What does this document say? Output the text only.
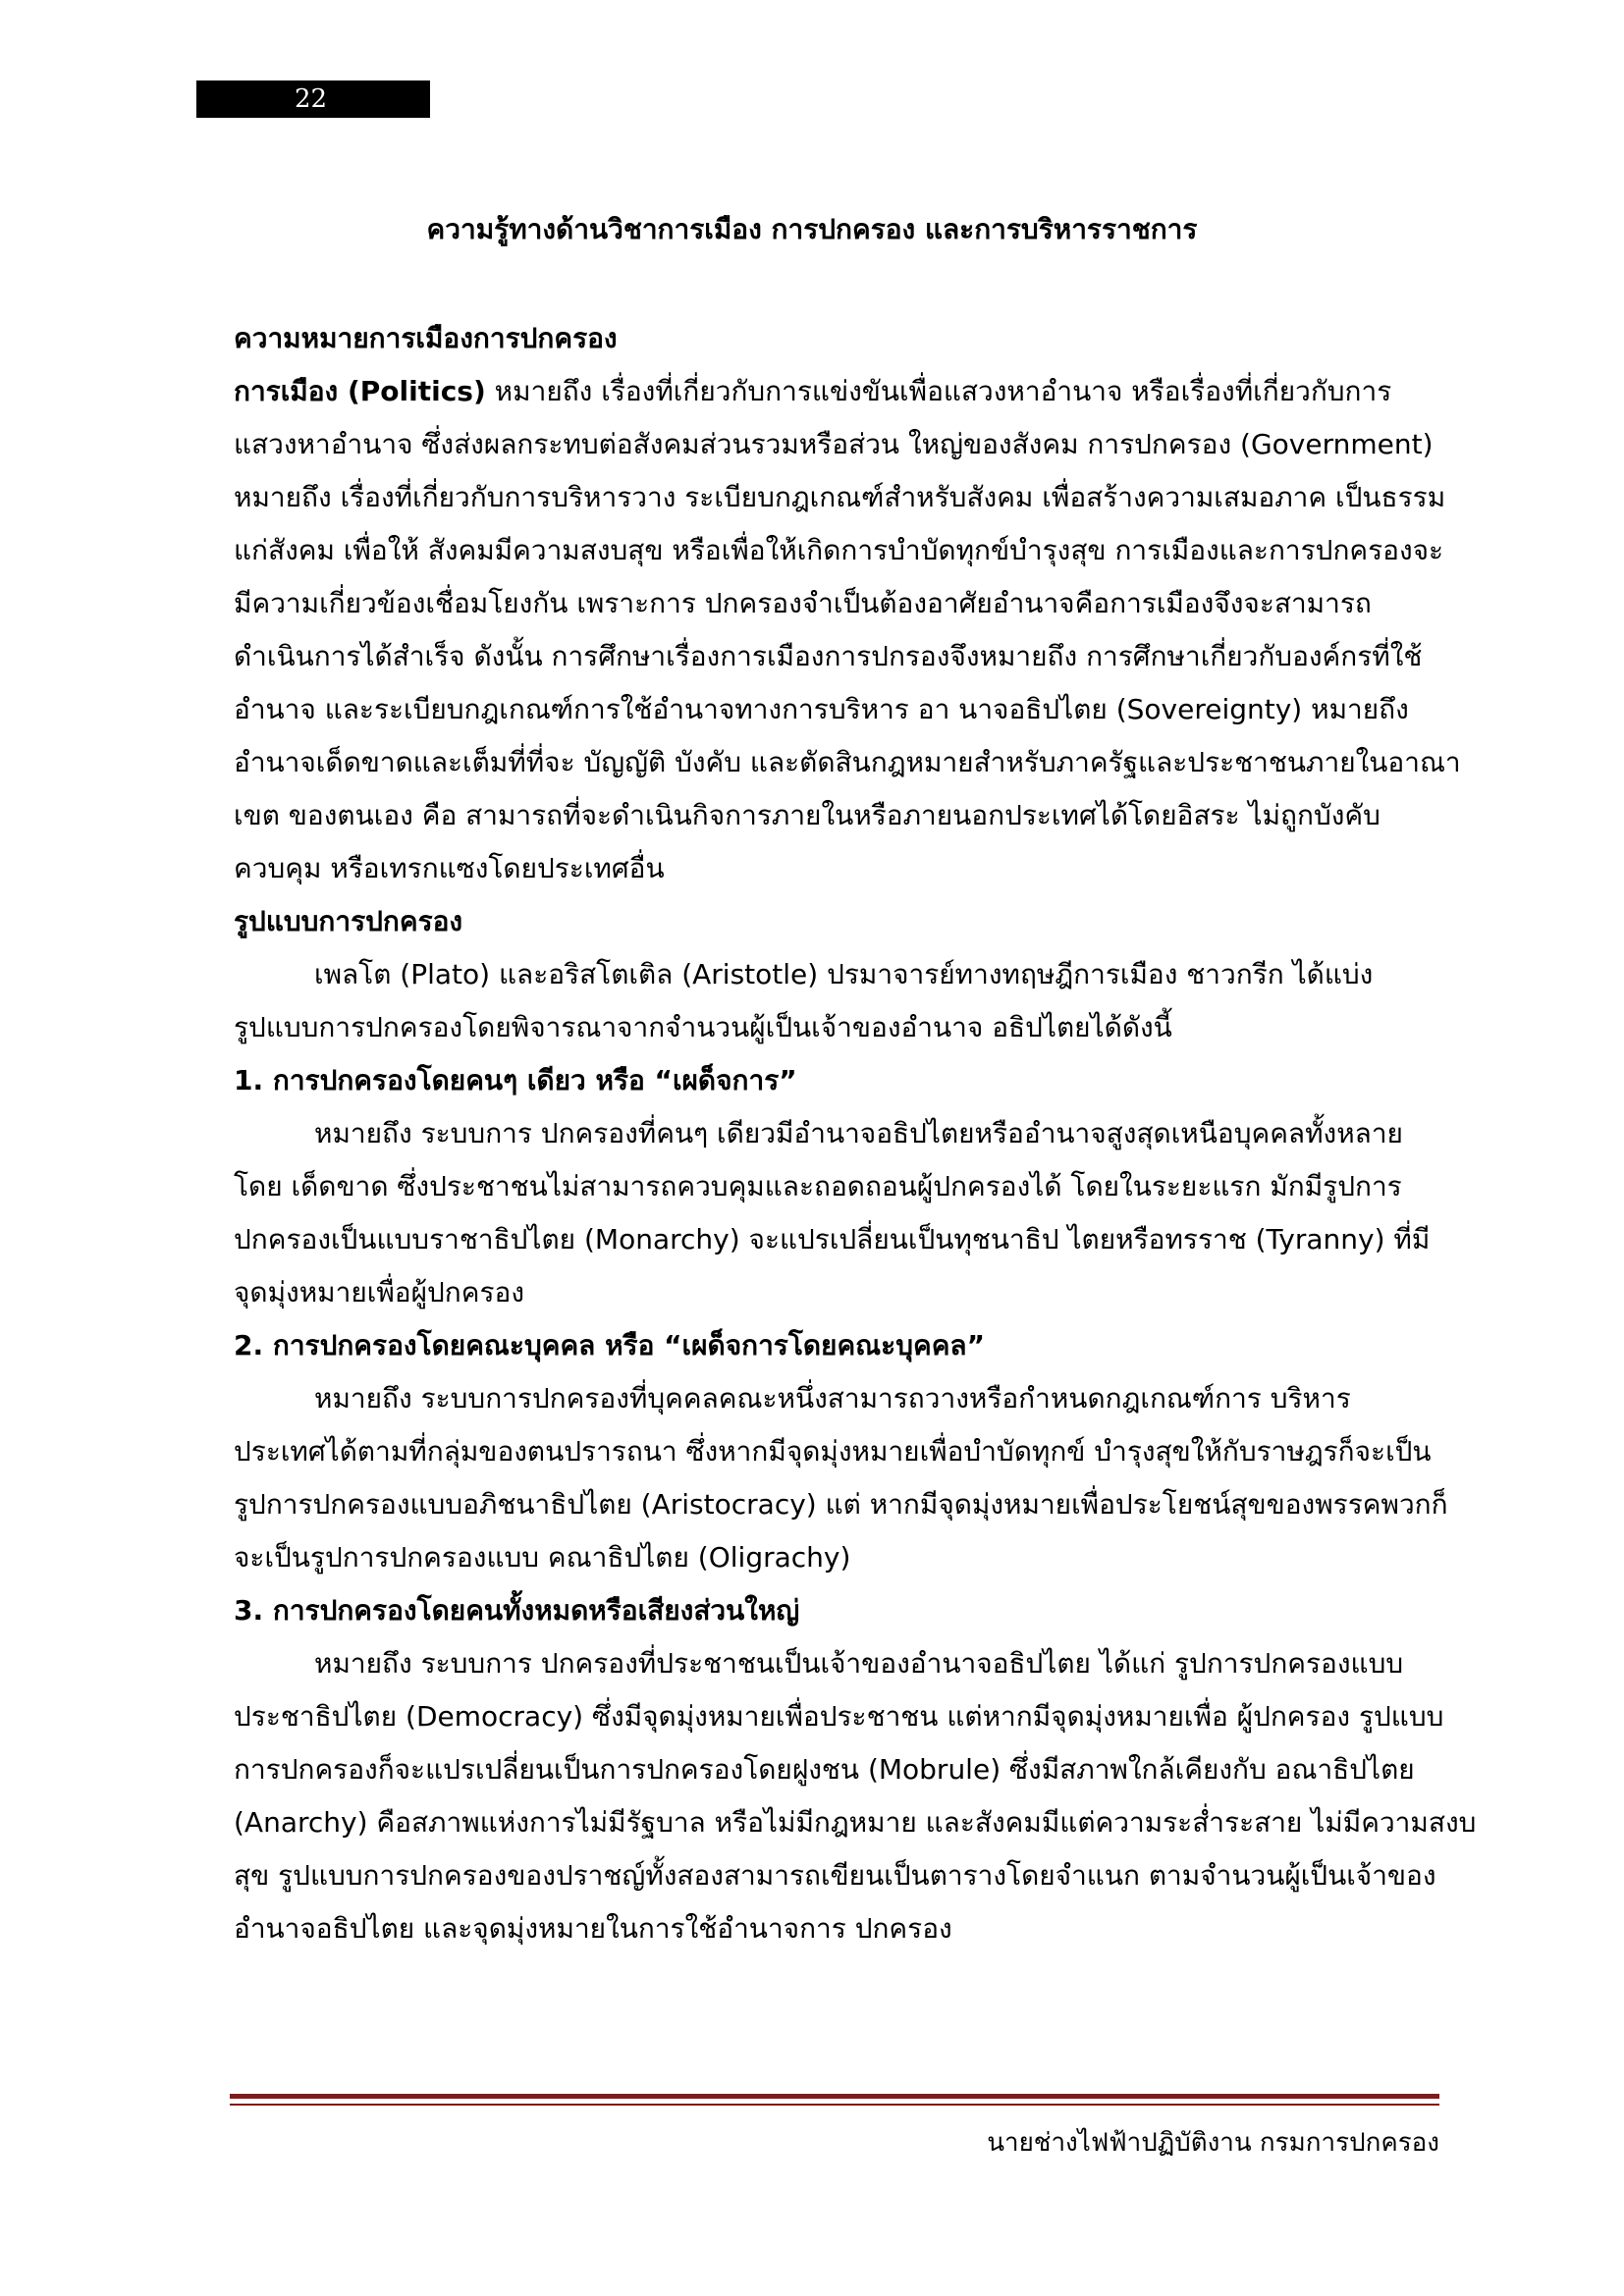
22
ความรู้ทางด้านวิชาการเมือง การปกครอง และการบริหารราชการ
ความหมายการเมืองการปกครอง
การเมือง (Politics) หมายถึง เรื่องที่เกี่ยวกับการแข่งขันเพื่อแสวงหาอำนาจ หรือเรื่องที่เกี่ยวกับการ
แสวงหาอำนาจ ซึ่งส่งผลกระทบต่อสังคมส่วนรวมหรือส่วน ใหญ่ของสังคม การปกครอง (Government)
หมายถึง เรื่องที่เกี่ยวกับการบริหารวาง ระเบียบกฎเกณฑ์สำหรับสังคม เพื่อสร้างความเสมอภาค เป็นธรรม
แก่สังคม เพื่อให้ สังคมมีความสงบสุข หรือเพื่อให้เกิดการบำบัดทุกข์บำรุงสุข การเมืองและการปกครองจะ
มีความเกี่ยวข้องเชื่อมโยงกัน เพราะการ ปกครองจำเป็นต้องอาศัยอำนาจคือการเมืองจึงจะสามารถ
ดำเนินการได้สำเร็จ ดังนั้น การศึกษาเรื่องการเมืองการปกรองจึงหมายถึง การศึกษาเกี่ยวกับองค์กรที่ใช้
อำนาจ และระเบียบกฎเกณฑ์การใช้อำนาจทางการบริหาร อา นาจอธิปไตย (Sovereignty) หมายถึง
อำนาจเด็ดขาดและเต็มที่ที่จะ บัญญัติ บังคับ และตัดสินกฎหมายสำหรับภาครัฐและประชาชนภายในอาณา
เขต ของตนเอง คือ สามารถที่จะดำเนินกิจการภายในหรือภายนอกประเทศได้โดยอิสระ ไม่ถูกบังคับ
ควบคุม หรือเทรกแซงโดยประเทศอื่น
รูปแบบการปกครอง
เพลโต (Plato) และอริสโตเติล (Aristotle) ปรมาจารย์ทางทฤษฎีการเมือง ชาวกรีก ได้แบ่ง
รูปแบบการปกครองโดยพิจารณาจากจำนวนผู้เป็นเจ้าของอำนาจ อธิปไตยได้ดังนี้
1. การปกครองโดยคนๆ เดียว หรือ “เผด็จการ”
หมายถึง ระบบการ ปกครองที่คนๆ เดียวมีอำนาจอธิปไตยหรืออำนาจสูงสุดเหนือบุคคลทั้งหลาย
โดย เด็ดขาด ซึ่งประชาชนไม่สามารถควบคุมและถอดถอนผู้ปกครองได้ โดยในระยะแรก มักมีรูปการ
ปกครองเป็นแบบราชาธิปไตย (Monarchy) จะแปรเปลี่ยนเป็นทุชนาธิป ไตยหรือทรราช (Tyranny) ที่มี
จุดมุ่งหมายเพื่อผู้ปกครอง
2. การปกครองโดยคณะบุคคล หรือ “เผด็จการโดยคณะบุคคล”
หมายถึง ระบบการปกครองที่บุคคลคณะหนึ่งสามารถวางหรือกำหนดกฎเกณฑ์การ บริหาร
ประเทศได้ตามที่กลุ่มของตนปรารถนา ซึ่งหากมีจุดมุ่งหมายเพื่อบำบัดทุกข์ บำรุงสุขให้กับราษฎรก็จะเป็น
รูปการปกครองแบบอภิชนาธิปไตย (Aristocracy) แต่ หากมีจุดมุ่งหมายเพื่อประโยชน์สุขของพรรคพวกก็
จะเป็นรูปการปกครองแบบ คณาธิปไตย (Oligrachy)
3. การปกครองโดยคนทั้งหมดหรือเสียงส่วนใหญ่
หมายถึง ระบบการ ปกครองที่ประชาชนเป็นเจ้าของอำนาจอธิปไตย ได้แก่ รูปการปกครองแบบ
ประชาธิปไตย (Democracy) ซึ่งมีจุดมุ่งหมายเพื่อประชาชน แต่หากมีจุดมุ่งหมายเพื่อ ผู้ปกครอง รูปแบบ
การปกครองก็จะแปรเปลี่ยนเป็นการปกครองโดยฝูงชน (Mobrule) ซึ่งมีสภาพใกล้เคียงกับ อณาธิปไตย
(Anarchy) คือสภาพแห่งการไม่มีรัฐบาล หรือไม่มีกฎหมาย และสังคมมีแต่ความระส่ำระสาย ไม่มีความสงบ
สุข รูปแบบการปกครองของปราชญ์ทั้งสองสามารถเขียนเป็นตารางโดยจำแนก ตามจำนวนผู้เป็นเจ้าของ
อำนาจอธิปไตย และจุดมุ่งหมายในการใช้อำนาจการ ปกครอง
นายช่างไฟฟ้าปฏิบัติงาน กรมการปกครอง
